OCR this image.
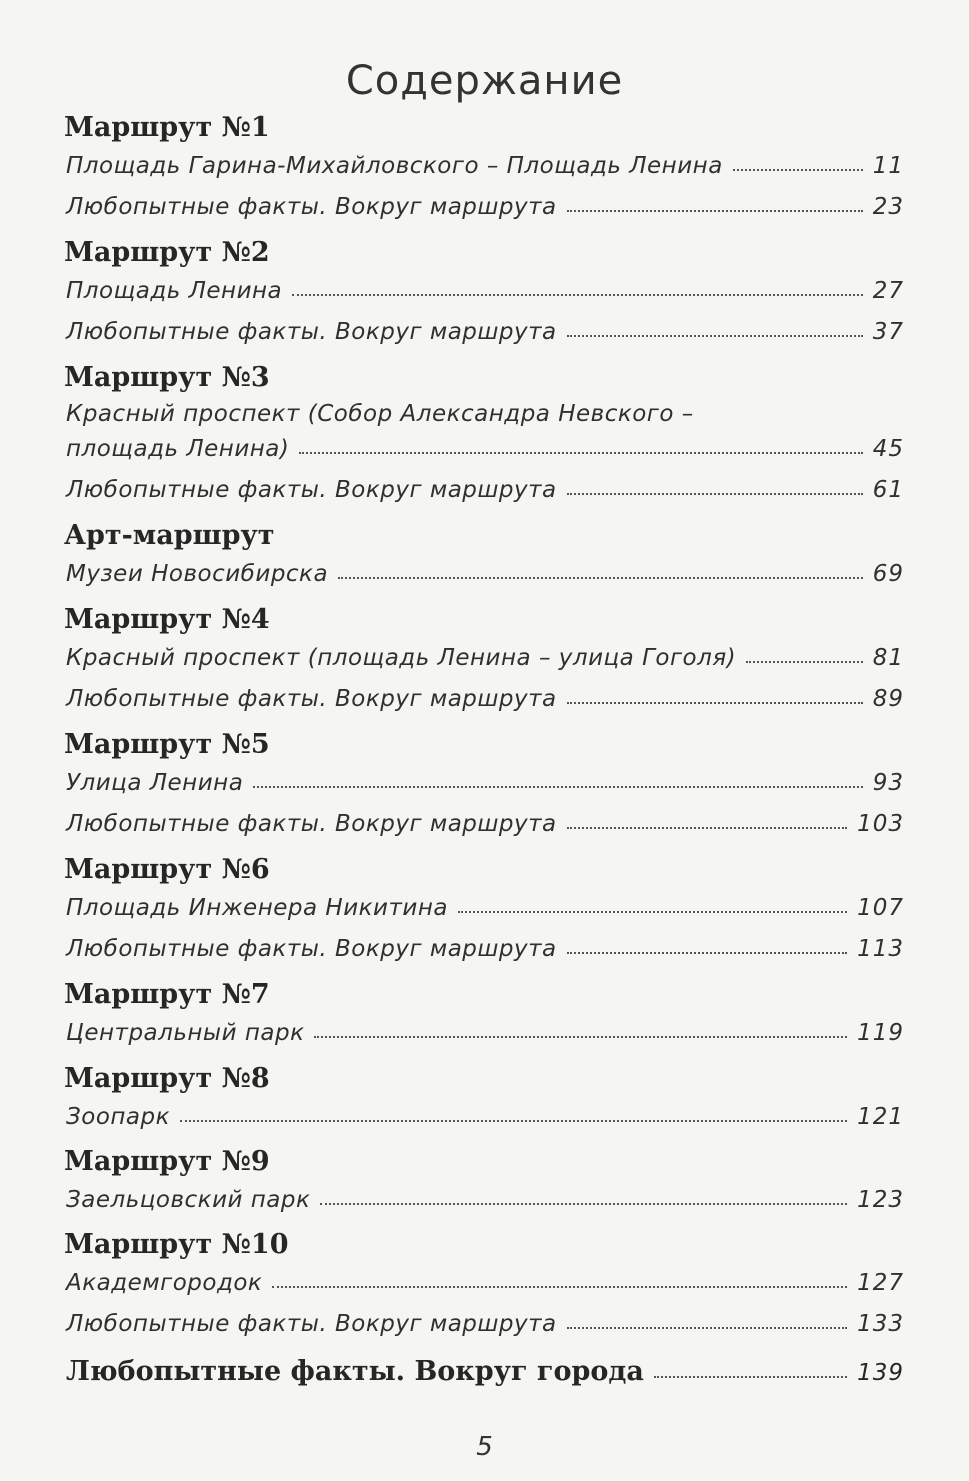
Содержание
Маршрут №1
Площадь Гарина-Михайловского – Площадь Ленина	11
Любопытные факты. Вокруг маршрута	23
Маршрут №2
Площадь Ленина	27
Любопытные факты. Вокруг маршрута	37
Маршрут №3
Красный проспект (Собор Александра Невского –
площадь Ленина)	45
Любопытные факты. Вокруг маршрута	61
Арт-маршрут
Музеи Новосибирска	69
Маршрут №4
Красный проспект (площадь Ленина – улица Гоголя)	81
Любопытные факты. Вокруг маршрута	89
Маршрут №5
Улица Ленина	93
Любопытные факты. Вокруг маршрута	103
Маршрут №6
Площадь Инженера Никитина	107
Любопытные факты. Вокруг маршрута	113
Маршрут №7
Центральный парк	119
Маршрут №8
Зоопарк	121
Маршрут №9
Заельцовский парк	123
Маршрут №10
Академгородок	127
Любопытные факты. Вокруг маршрута	133
Любопытные факты. Вокруг города	139
5
